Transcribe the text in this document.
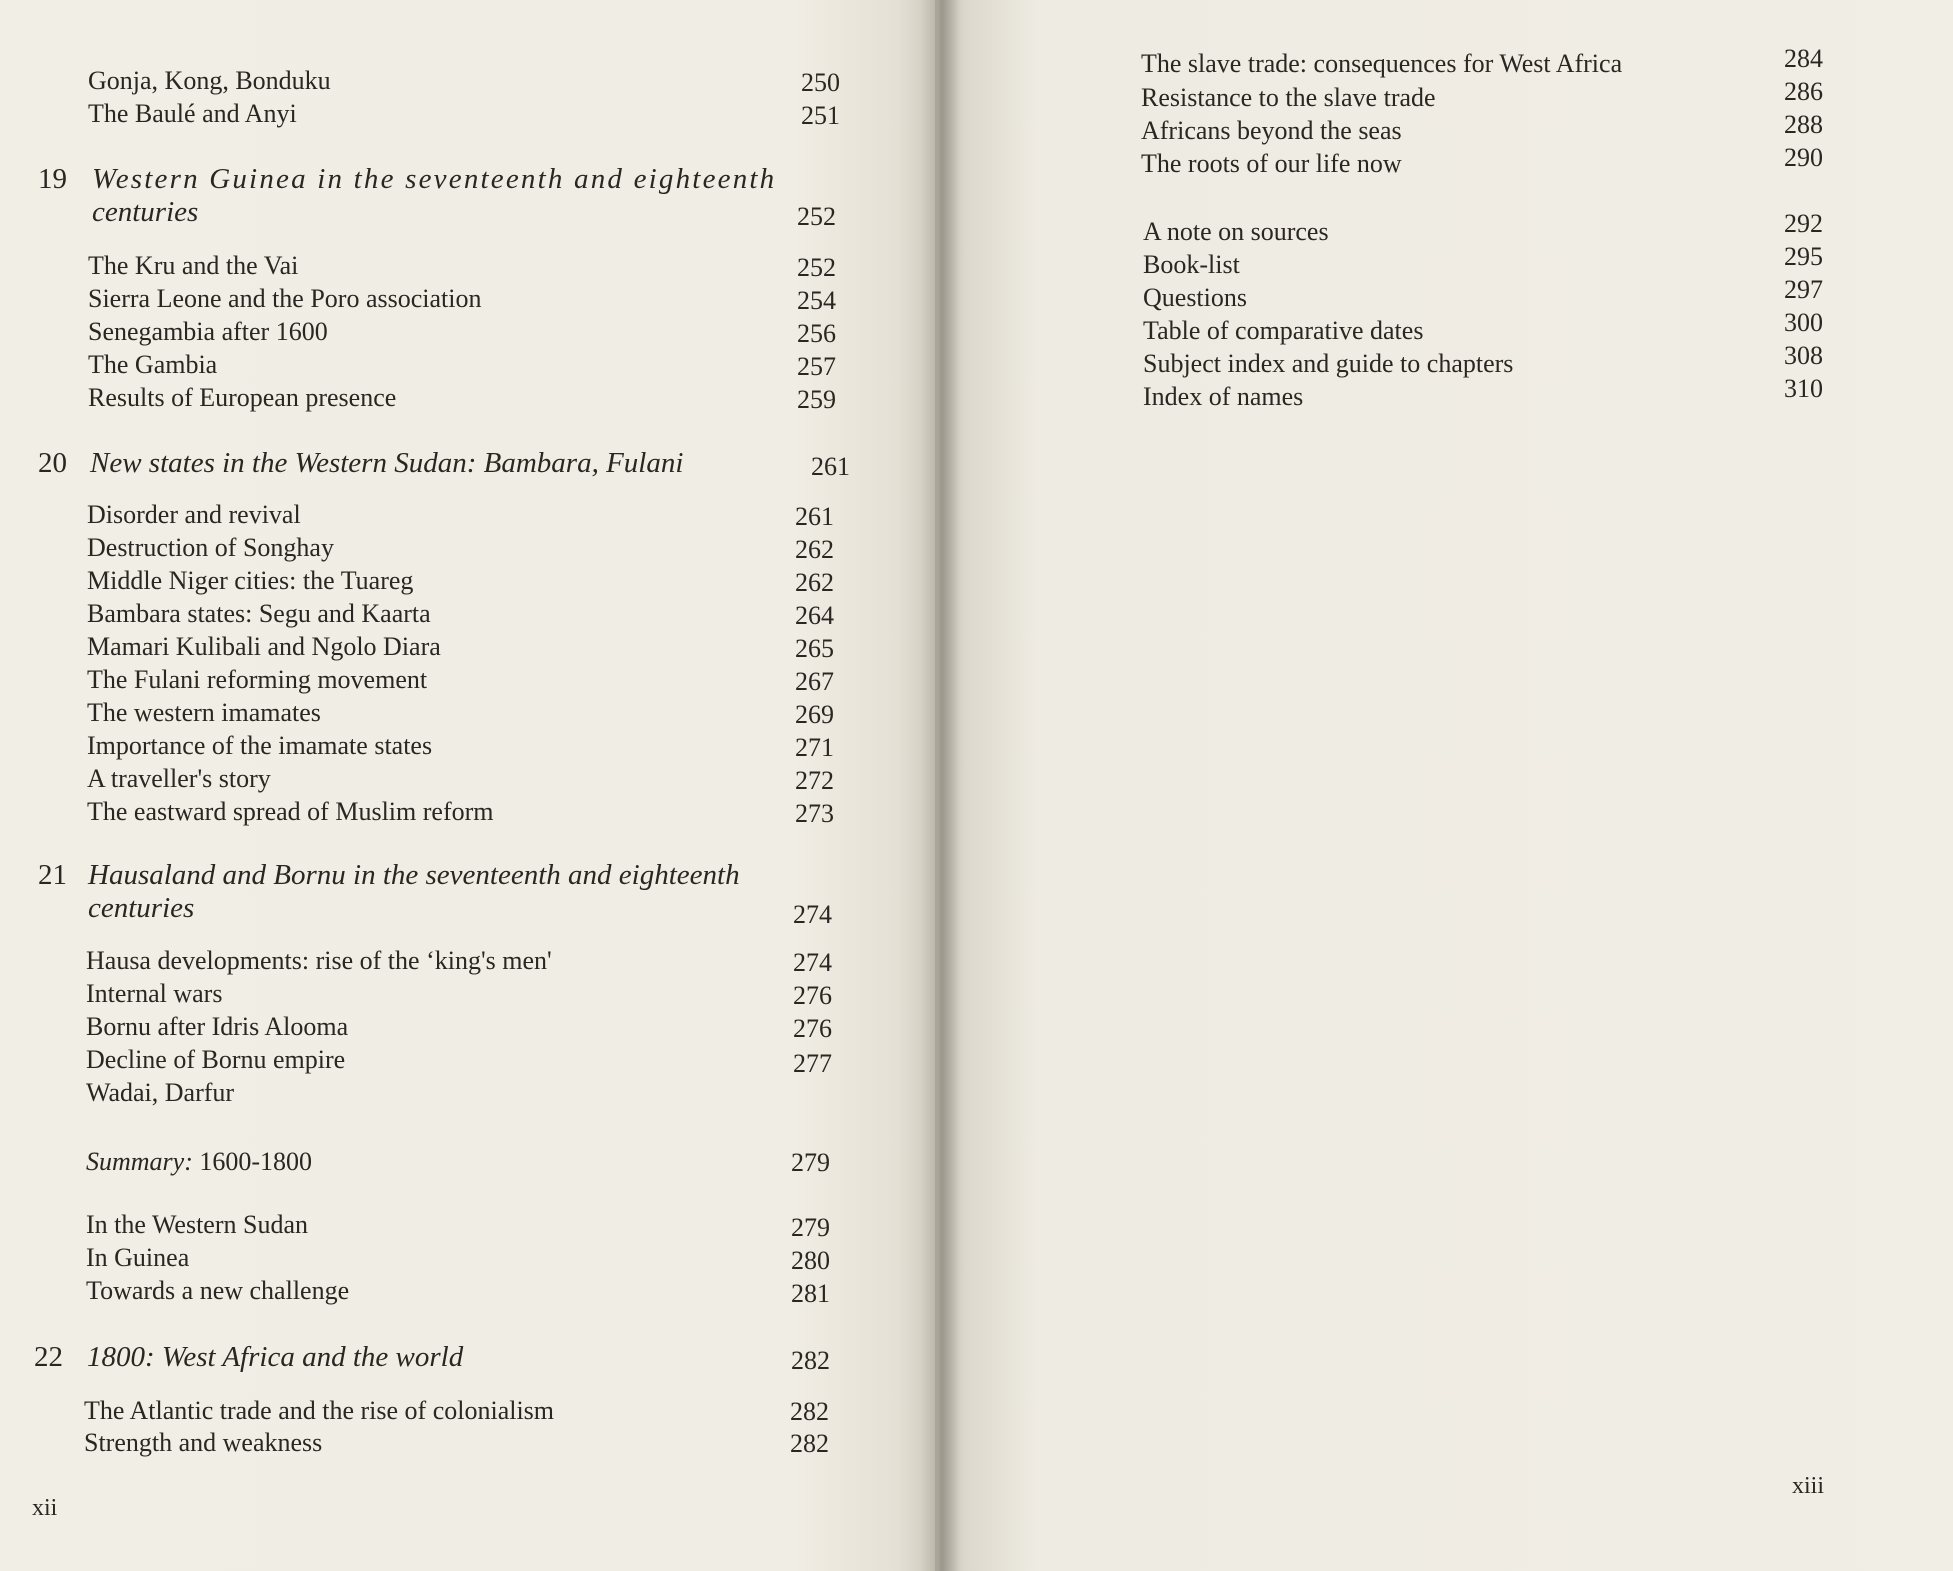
Gonja, Kong, Bonduku	250
The Baulé and Anyi	251
19 Western Guinea in the seventeenth and eighteenth
centuries	252
The Kru and the Vai	252
Sierra Leone and the Poro association	254
Senegambia after 1600	256
The Gambia	257
Results of European presence	259
20 New states in the Western Sudan: Bambara, Fulani	261
Disorder and revival	261
Destruction of Songhay	262
Middle Niger cities: the Tuareg	262
Bambara states: Segu and Kaarta	264
Mamari Kulibali and Ngolo Diara	265
The Fulani reforming movement	267
The western imamates	269
Importance of the imamate states	271
A traveller's story	272
The eastward spread of Muslim reform	273
21 Hausaland and Bornu in the seventeenth and eighteenth
centuries	274
Hausa developments: rise of the ‘king's men'	274
Internal wars	276
Bornu after Idris Alooma	276
Decline of Bornu empire	277
Wadai, Darfur
Summary: 1600-1800	279
In the Western Sudan	279
In Guinea	280
Towards a new challenge	281
22 1800: West Africa and the world	282
The Atlantic trade and the rise of colonialism	282
Strength and weakness	282
xii
The slave trade: consequences for West Africa	284
Resistance to the slave trade	286
Africans beyond the seas	288
The roots of our life now	290
A note on sources	292
Book-list	295
Questions	297
Table of comparative dates	300
Subject index and guide to chapters	308
Index of names	310
xiii
